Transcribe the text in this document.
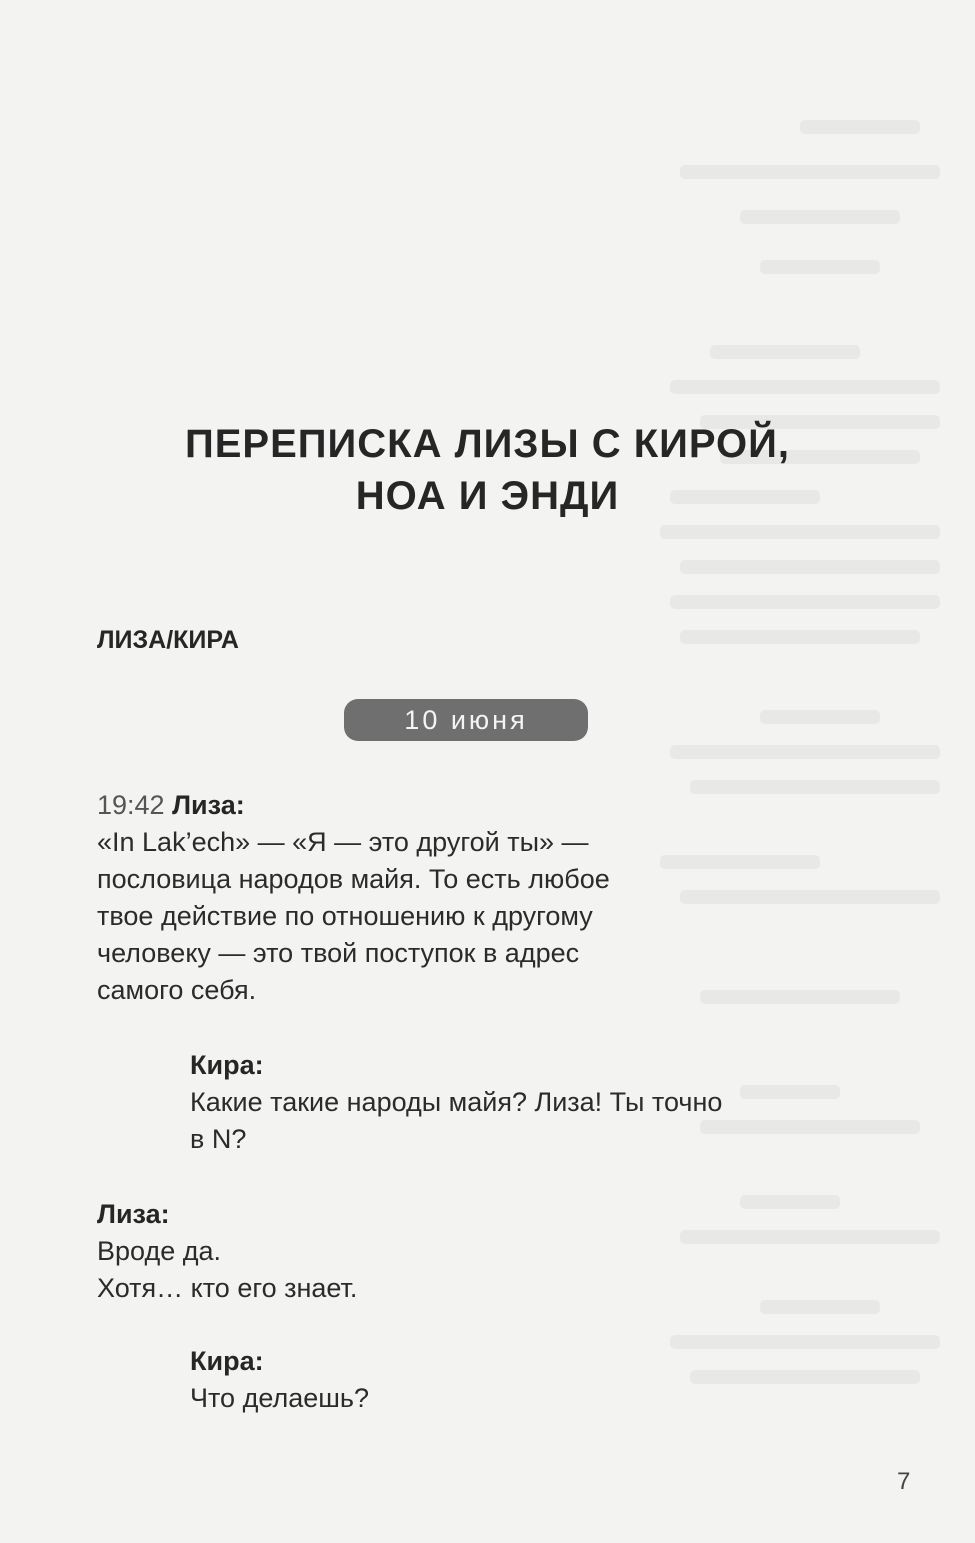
ПЕРЕПИСКА ЛИЗЫ С КИРОЙ,
НОА И ЭНДИ
ЛИЗА/КИРА
10 июня
19:42 Лиза:
«In Lak’ech» — «Я — это другой ты» —
пословица народов майя. То есть любое
твое действие по отношению к другому
человеку — это твой поступок в адрес
самого себя.
Кира:
Какие такие народы майя? Лиза! Ты точно
в N?
Лиза:
Вроде да.
Хотя… кто его знает.
Кира:
Что делаешь?
7
